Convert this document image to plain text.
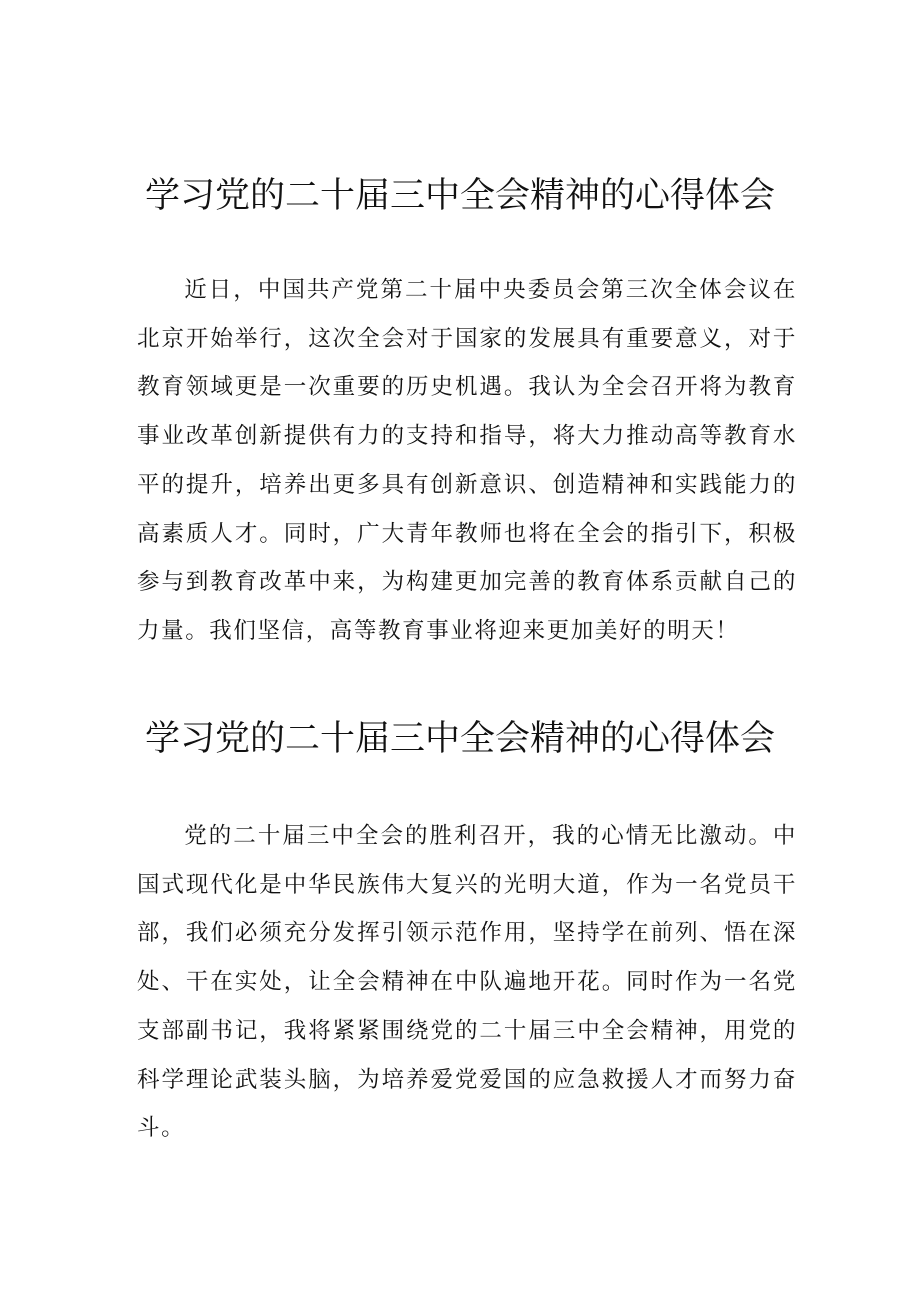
学习党的二十届三中全会精神的心得体会

近日，中国共产党第二十届中央委员会第三次全体会议在北京开始举行，这次全会对于国家的发展具有重要意义，对于教育领域更是一次重要的历史机遇。我认为全会召开将为教育事业改革创新提供有力的支持和指导，将大力推动高等教育水平的提升，培养出更多具有创新意识、创造精神和实践能力的高素质人才。同时，广大青年教师也将在全会的指引下，积极参与到教育改革中来，为构建更加完善的教育体系贡献自己的力量。我们坚信，高等教育事业将迎来更加美好的明天！

学习党的二十届三中全会精神的心得体会

党的二十届三中全会的胜利召开，我的心情无比激动。中国式现代化是中华民族伟大复兴的光明大道，作为一名党员干部，我们必须充分发挥引领示范作用，坚持学在前列、悟在深处、干在实处，让全会精神在中队遍地开花。同时作为一名党支部副书记，我将紧紧围绕党的二十届三中全会精神，用党的科学理论武装头脑，为培养爱党爱国的应急救援人才而努力奋斗。
